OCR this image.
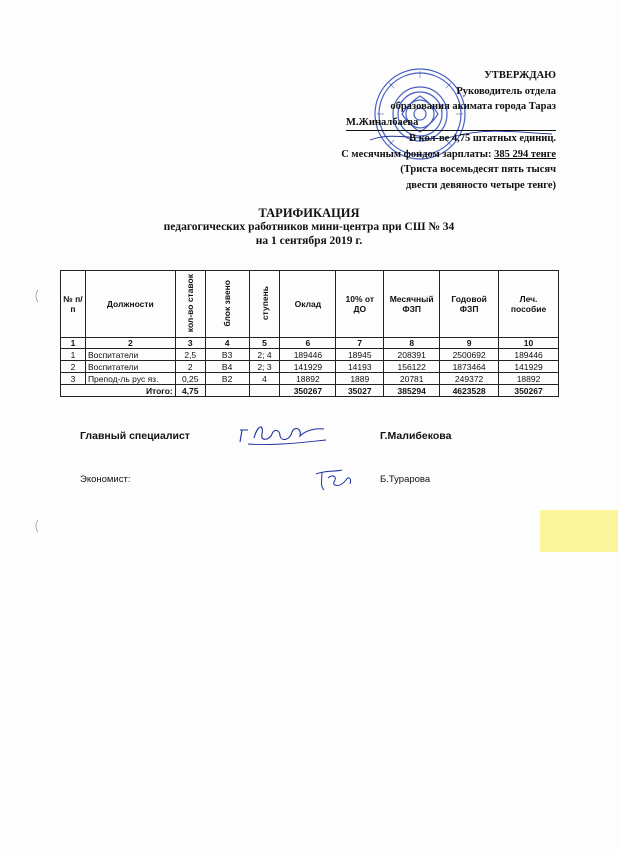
УТВЕРЖДАЮ
Руководитель отдела
образования акимата города Тараз
М.Жиналбаева
В кол-ве 4,75 штатных единиц.
С месячным фондом зарплаты: 385 294 тенге
(Триста восемьдесят пять тысяч
двести девяносто четыре тенге)
ТАРИФИКАЦИЯ
педагогических работников мини-центра при СШ № 34
на 1 сентября 2019 г.
№ п/п	Должности	кол-во ставок	блок звено	ступень	Оклад	10% от ДО	Месячный ФЗП	Годовой ФЗП	Леч. пособие
1	2	3	4	5	6	7	8	9	10
1	Воспитатели	2,5	В3	2; 4	189446	18945	208391	2500692	189446
2	Воспитатели	2	В4	2; 3	141929	14193	156122	1873464	141929
3	Препод-ль рус яз.	0,25	В2	4	18892	1889	20781	249372	18892
Итого:		4,75			350267	35027	385294	4623528	350267
Главный специалист	Г.Малибекова
Экономист:	Б.Турарова
